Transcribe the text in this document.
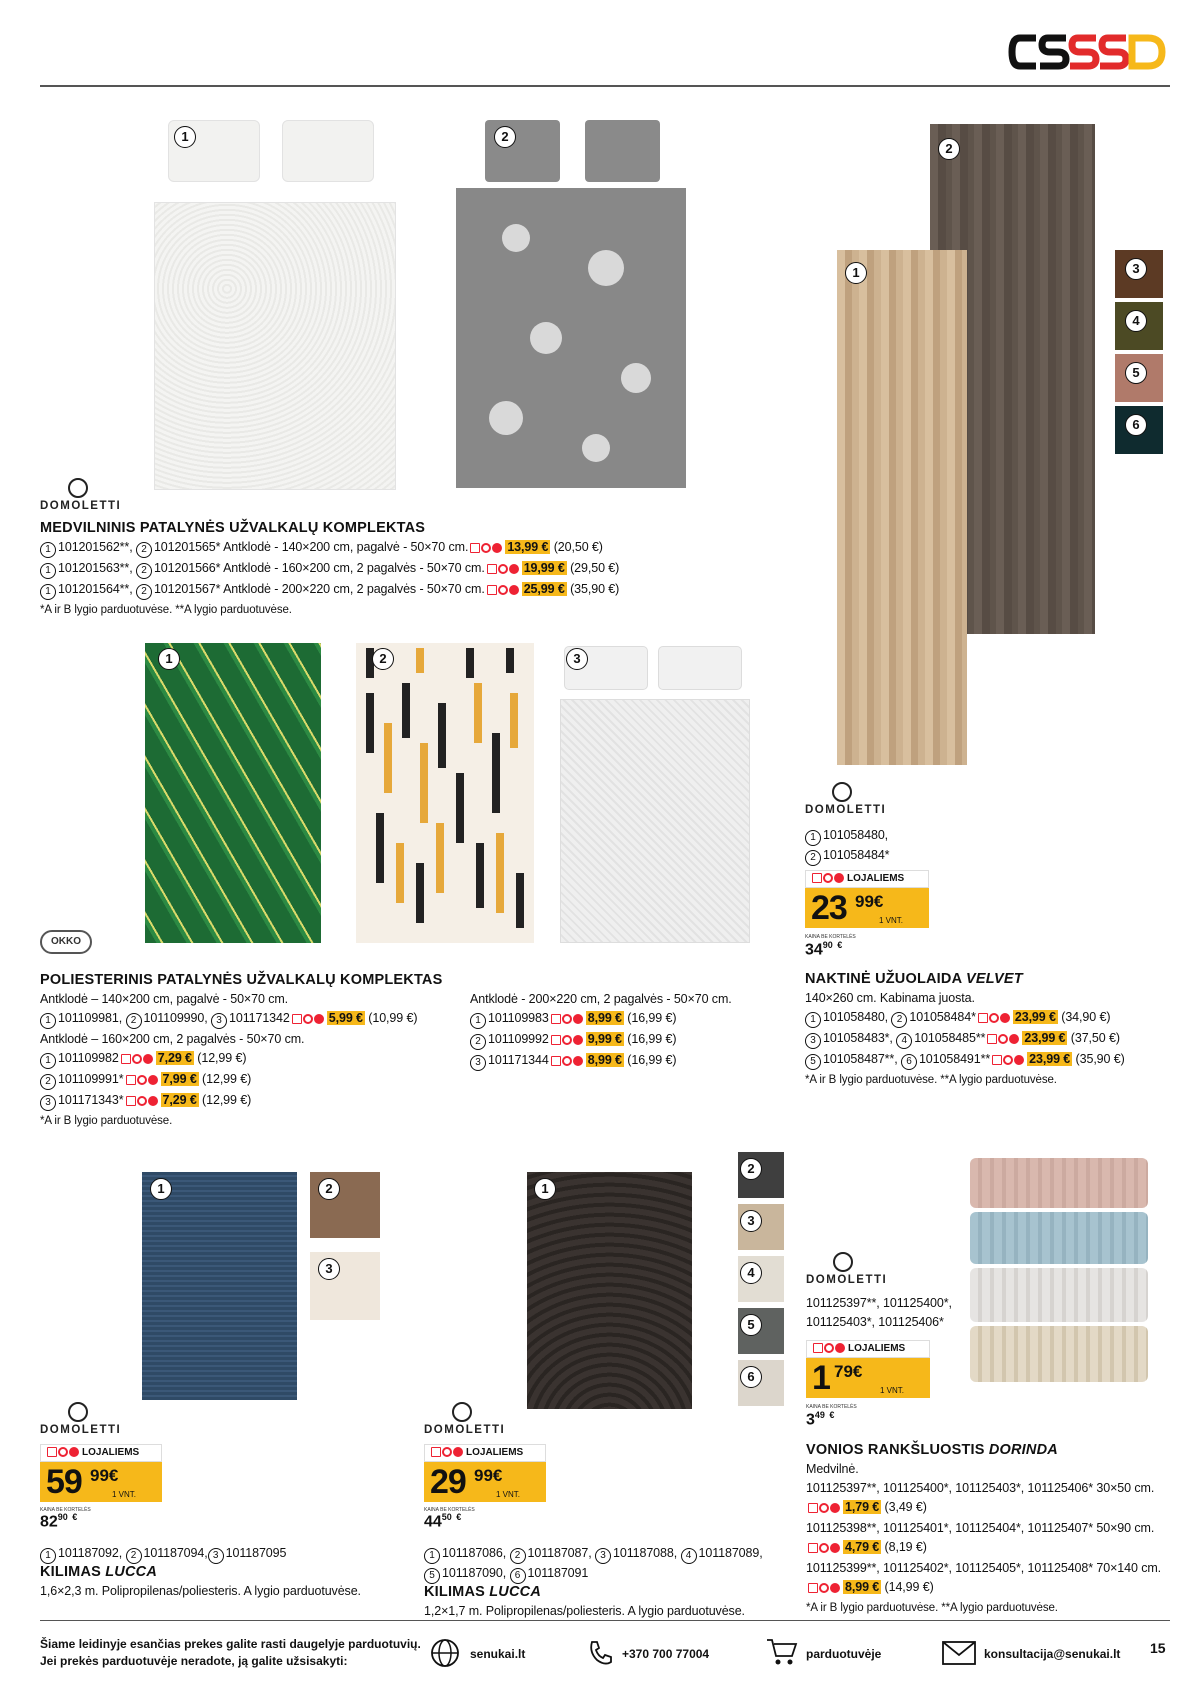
1	2
2
1	3
4
5
6
DOMOLETTI
MEDVILNINIS PATALYNĖS UŽVALKALŲ KOMPLEKTAS
1 101201562**, 2 101201565* Antklodė - 140×200 cm, pagalvė - 50×70 cm.	13,99 € (20,50 €)
1 101201563**, 2 101201566* Antklodė - 160×200 cm, 2 pagalvės - 50×70 cm.	19,99 € (29,50 €)
1 101201564**, 2 101201567* Antklodė - 200×220 cm, 2 pagalvės - 50×70 cm.	25,99 € (35,90 €)
*A ir B lygio parduotuvėse. **A lygio parduotuvėse.
1	2	3
OKKO
POLIESTERINIS PATALYNĖS UŽVALKALŲ KOMPLEKTAS
Antklodė – 140×200 cm, pagalvė - 50×70 cm.
1 101109981, 2 101109990, 3 101171342	5,99 € (10,99 €)
Antklodė – 160×200 cm, 2 pagalvės - 50×70 cm.
1 101109982	7,29 € (12,99 €)
2 101109991*	7,99 € (12,99 €)
3 101171343*	7,29 € (12,99 €)
*A ir B lygio parduotuvėse.
Antklodė - 200×220 cm, 2 pagalvės - 50×70 cm.
1 101109983	8,99 € (16,99 €)
2 101109992	9,99 € (16,99 €)
3 101171344	8,99 € (16,99 €)
DOMOLETTI
1 101058480,
2 101058484*
LOJALIEMS
23 99€
1 VNT.
KAINA BE KORTELĖS
$34^{90}$ €
NAKTINĖ UŽUOLAIDA VELVET
140×260 cm. Kabinama juosta.
1 101058480, 2 101058484*	23,99 € (34,90 €)
3 101058483*, 4 101058485**	23,99 € (37,50 €)
5 101058487**, 6 101058491**	23,99 € (35,90 €)
*A ir B lygio parduotuvėse. **A lygio parduotuvėse.
1	2
3
DOMOLETTI
LOJALIEMS
59 99€
1 VNT.
KAINA BE KORTELĖS
$82^{90}$ €
1 101187092, 2 101187094, 3 101187095
KILIMAS LUCCA
1,6×2,3 m. Polipropilenas/poliesteris. A lygio parduotuvėse.
1
2
3
4
5
6
DOMOLETTI
LOJALIEMS
29 99€
1 VNT.
KAINA BE KORTELĖS
$44^{50}$ €
1 101187086, 2 101187087, 3 101187088, 4 101187089,
5 101187090, 6 101187091
KILIMAS LUCCA
1,2×1,7 m. Polipropilenas/poliesteris. A lygio parduotuvėse.
DOMOLETTI
101125397**, 101125400*,
101125403*, 101125406*
LOJALIEMS
1 79€
1 VNT.
KAINA BE KORTELĖS
$3^{49}$ €
VONIOS RANKŠLUOSTIS DORINDA
Medvilnė.
101125397**, 101125400*, 101125403*, 101125406* 30×50 cm.
1,79 € (3,49 €)
101125398**, 101125401*, 101125404*, 101125407* 50×90 cm.
4,79 € (8,19 €)
101125399**, 101125402*, 101125405*, 101125408* 70×140 cm.
8,99 € (14,99 €)
*A ir B lygio parduotuvėse. **A lygio parduotuvėse.
Šiame leidinyje esančias prekes galite rasti daugelyje parduotuvių.
Jei prekės parduotuvėje neradote, ją galite užsisakyti:	senukai.lt	+370 700 77004	parduotuvėje	konsultacija@senukai.lt 15
